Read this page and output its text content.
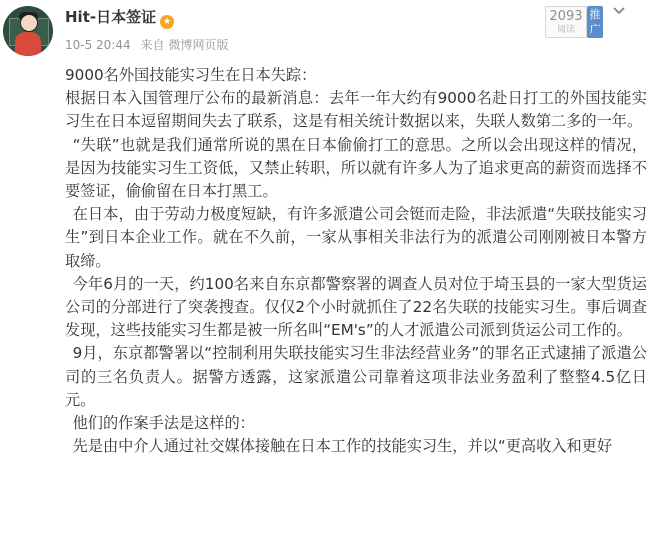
Hit-日本签证 ★
10-5 20:44 来自 微博网页版
2093
阅读
推广

9000名外国技能实习生在日本失踪：

根据日本入国管理厅公布的最新消息：去年一年大约有9000名赴日打工的外国技能实习生在日本逗留期间失去了联系，这是有相关统计数据以来，失联人数第二多的一年。

“失联”也就是我们通常所说的黑在日本偷偷打工的意思。之所以会出现这样的情况，是因为技能实习生工资低，又禁止转职，所以就有许多人为了追求更高的薪资而选择不要签证，偷偷留在日本打黑工。

在日本，由于劳动力极度短缺，有许多派遣公司会铤而走险，非法派遣“失联技能实习生”到日本企业工作。就在不久前，一家从事相关非法行为的派遣公司刚刚被日本警方取缔。

今年6月的一天，约100名来自东京都警察署的调查人员对位于埼玉县的一家大型货运公司的分部进行了突袭搜查。仅仅2个小时就抓住了22名失联的技能实习生。事后调查发现，这些技能实习生都是被一所名叫“EM's”的人才派遣公司派到货运公司工作的。

9月，东京都警署以“控制利用失联技能实习生非法经营业务”的罪名正式逮捕了派遣公司的三名负责人。据警方透露，这家派遣公司靠着这项非法业务盈利了整整4.5亿日元。

他们的作案手法是这样的：

先是由中介人通过社交媒体接触在日本工作的技能实习生，并以“更高收入和更好
